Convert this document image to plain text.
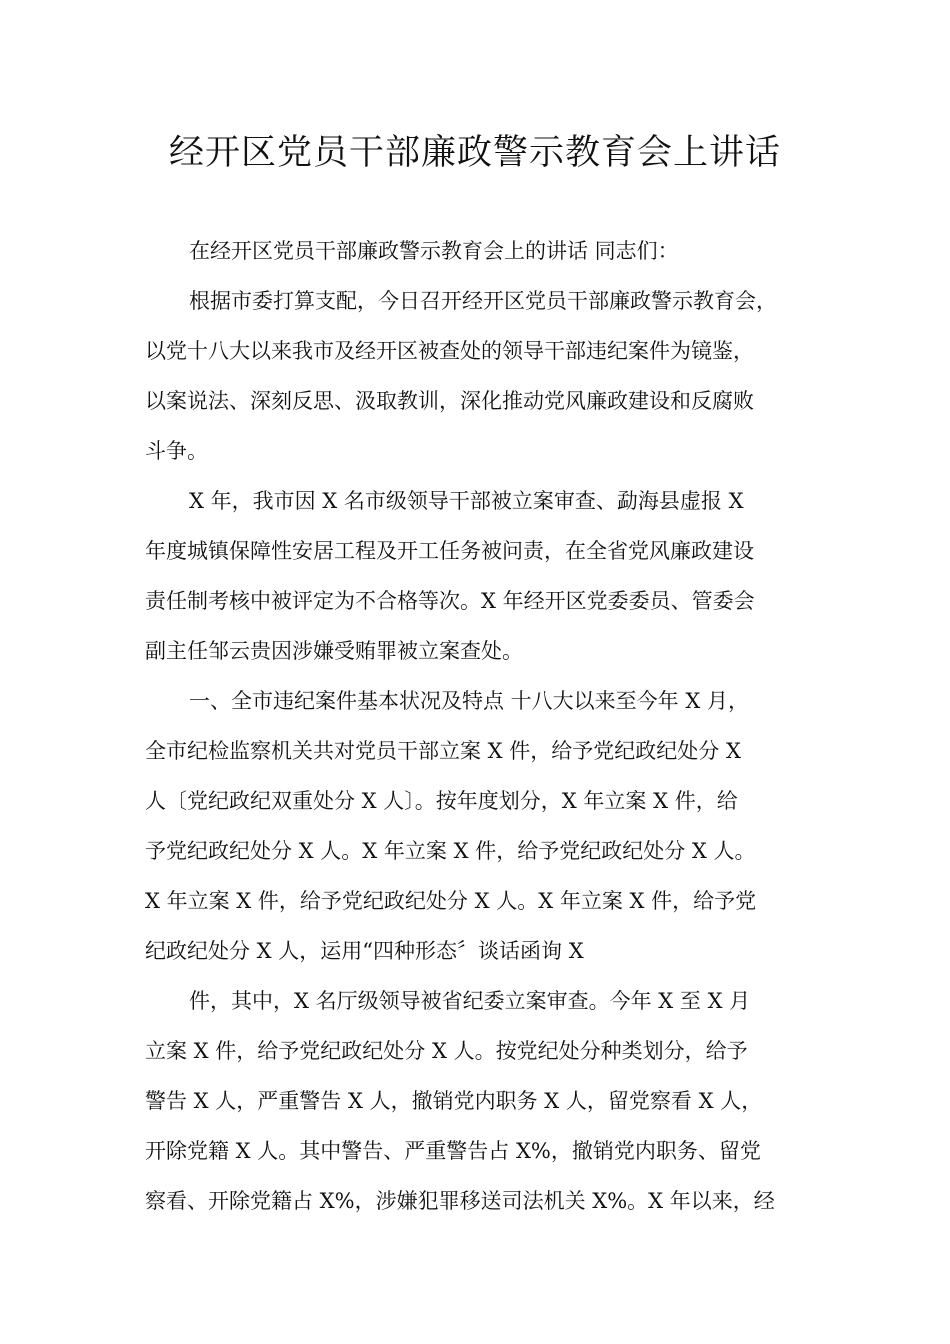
经开区党员干部廉政警示教育会上讲话
在经开区党员干部廉政警示教育会上的讲话 同志们：
根据市委打算支配，今日召开经开区党员干部廉政警示教育会，
以党十八大以来我市及经开区被查处的领导干部违纪案件为镜鉴，
以案说法、深刻反思、汲取教训，深化推动党风廉政建设和反腐败
斗争。
X 年，我市因 X 名市级领导干部被立案审查、勐海县虚报 X
年度城镇保障性安居工程及开工任务被问责，在全省党风廉政建设
责任制考核中被评定为不合格等次。X 年经开区党委委员、管委会
副主任邹云贵因涉嫌受贿罪被立案查处。
一、全市违纪案件基本状况及特点 十八大以来至今年 X 月，
全市纪检监察机关共对党员干部立案 X 件，给予党纪政纪处分 X
人〔党纪政纪双重处分 X 人〕。按年度划分，X 年立案 X 件，给
予党纪政纪处分 X 人。X 年立案 X 件，给予党纪政纪处分 X 人。
X 年立案 X 件，给予党纪政纪处分 X 人。X 年立案 X 件，给予党
纪政纪处分 X 人，运用“四种形态〞谈话函询 X
件，其中，X 名厅级领导被省纪委立案审查。今年 X 至 X 月
立案 X 件，给予党纪政纪处分 X 人。按党纪处分种类划分，给予
警告 X 人，严重警告 X 人，撤销党内职务 X 人，留党察看 X 人，
开除党籍 X 人。其中警告、严重警告占 X%，撤销党内职务、留党
察看、开除党籍占 X%，涉嫌犯罪移送司法机关 X%。X 年以来，经
